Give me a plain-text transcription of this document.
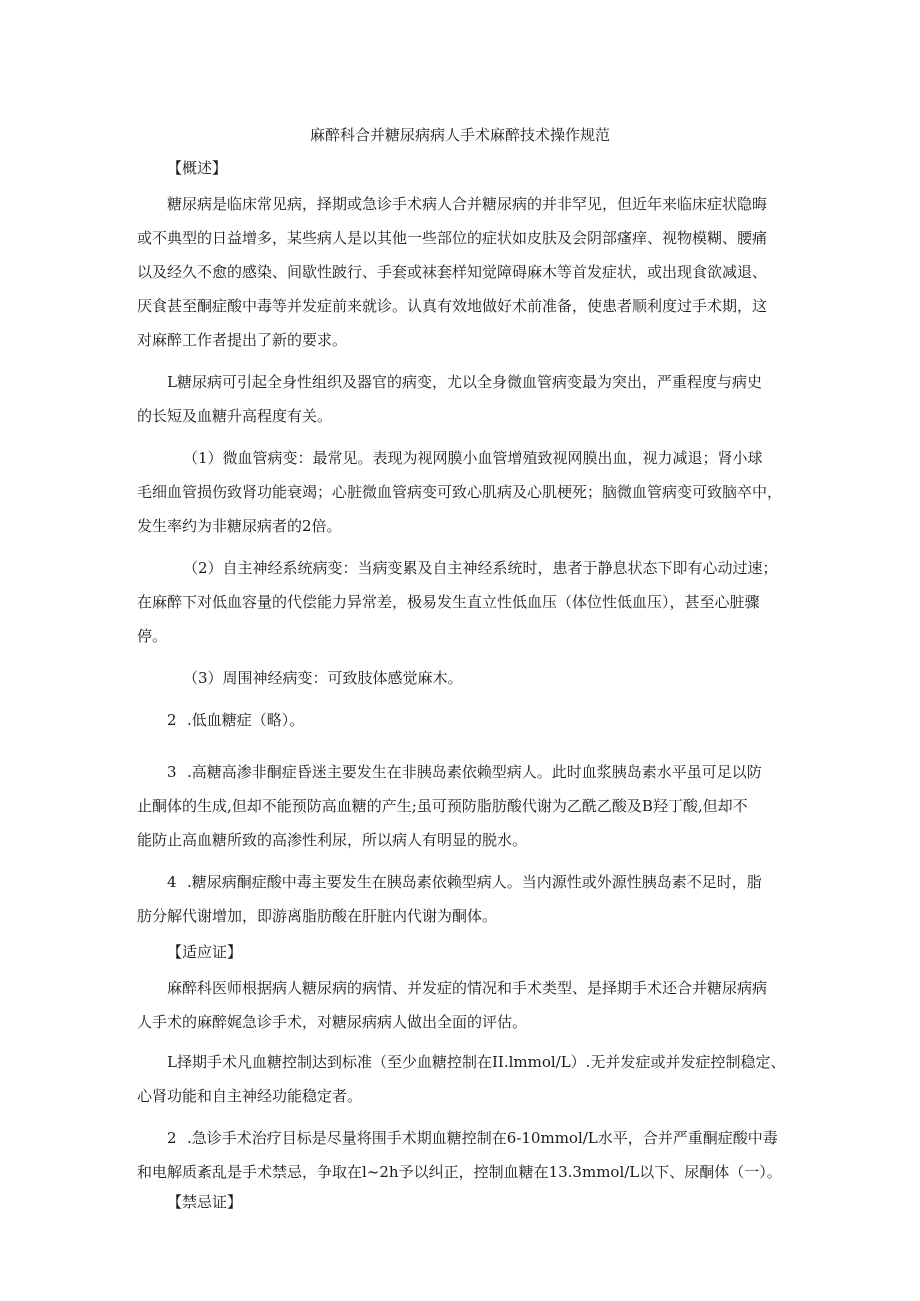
麻醉科合并糖尿病病人手术麻醉技术操作规范
【概述】
糖尿病是临床常见病，择期或急诊手术病人合并糖尿病的并非罕见，但近年来临床症状隐晦
或不典型的日益增多，某些病人是以其他一些部位的症状如皮肤及会阴部瘙痒、视物模糊、腰痛
以及经久不愈的感染、间歇性跛行、手套或袜套样知觉障碍麻木等首发症状，或出现食欲减退、
厌食甚至酮症酸中毒等并发症前来就诊。认真有效地做好术前准备，使患者顺利度过手术期，这
对麻醉工作者提出了新的要求。
L糖尿病可引起全身性组织及器官的病变，尤以全身微血管病变最为突出，严重程度与病史
的长短及血糖升高程度有关。
（1）微血管病变：最常见。表现为视网膜小血管增殖致视网膜出血，视力减退；肾小球
毛细血管损伤致肾功能衰竭；心脏微血管病变可致心肌病及心肌梗死；脑微血管病变可致脑卒中，
发生率约为非糖尿病者的2倍。
（2）自主神经系统病变：当病变累及自主神经系统时，患者于静息状态下即有心动过速；
在麻醉下对低血容量的代偿能力异常差，极易发生直立性低血压（体位性低血压），甚至心脏骤
停。
（3）周围神经病变：可致肢体感觉麻木。
2 .低血糖症（略）。
3 .高糖高渗非酮症昏迷主要发生在非胰岛素依赖型病人。此时血浆胰岛素水平虽可足以防
止酮体的生成,但却不能预防高血糖的产生;虽可预防脂肪酸代谢为乙酰乙酸及B羟丁酸,但却不
能防止高血糖所致的高渗性利尿，所以病人有明显的脱水。
4 .糖尿病酮症酸中毒主要发生在胰岛素依赖型病人。当内源性或外源性胰岛素不足时，脂
肪分解代谢增加，即游离脂肪酸在肝脏内代谢为酮体。
【适应证】
麻醉科医师根据病人糖尿病的病情、并发症的情况和手术类型、是择期手术还合并糖尿病病
人手术的麻醉娓急诊手术，对糖尿病病人做出全面的评估。
L择期手术凡血糖控制达到标准（至少血糖控制在II.lmmol/L）.无并发症或并发症控制稳定、
心肾功能和自主神经功能稳定者。
2 .急诊手术治疗目标是尽量将围手术期血糖控制在6-10mmol/L水平，合并严重酮症酸中毒
和电解质紊乱是手术禁忌，争取在l~2h予以纠正，控制血糖在13.3mmol/L以下、尿酮体（一）。
【禁忌证】
